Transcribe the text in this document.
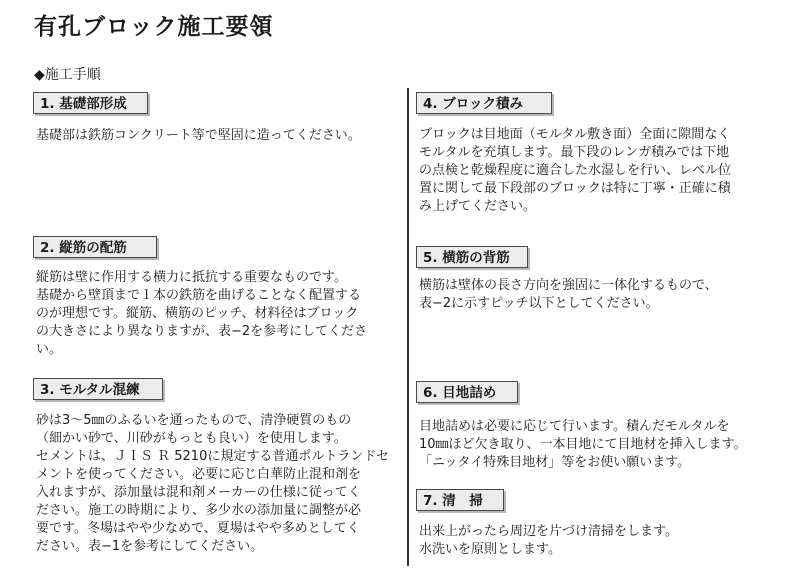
有孔ブロック施工要領
◆施工手順
1. 基礎部形成

基礎部は鉄筋コンクリート等で堅固に造ってください。

2. 縦筋の配筋

縦筋は壁に作用する横力に抵抗する重要なものです。
基礎から壁頂まで１本の鉄筋を曲げることなく配置する
のが理想です。縦筋、横筋のピッチ、材料径はブロック
の大きさにより異なりますが、表−2を参考にしてくださ
い。

3. モルタル混練

砂は3〜5㎜のふるいを通ったもので、清浄硬質のもの
（細かい砂で、川砂がもっとも良い）を使用します。
セメントは、ＪＩＳ Ｒ 5210に規定する普通ポルトランドセ
メントを使ってください。必要に応じ白華防止混和剤を
入れますが、添加量は混和剤メーカーの仕様に従ってく
ださい。施工の時期により、多少水の添加量に調整が必
要です。冬場はやや少なめで、夏場はやや多めとしてく
ださい。表−1を参考にしてください。

4. ブロック積み

ブロックは目地面（モルタル敷き面）全面に隙間なく
モルタルを充填します。最下段のレンガ積みでは下地
の点検と乾燥程度に適合した水湿しを行い、レベル位
置に関して最下段部のブロックは特に丁寧・正確に積
み上げてください。

5. 横筋の背筋

横筋は壁体の長さ方向を強固に一体化するもので、
表−2に示すピッチ以下としてください。

6. 目地詰め

目地詰めは必要に応じて行います。積んだモルタルを
10㎜ほど欠き取り、一本目地にて目地材を挿入します。
「ニッタイ特殊目地材」等をお使い願います。

7. 清　掃

出来上がったら周辺を片づけ清掃をします。
水洗いを原則とします。
